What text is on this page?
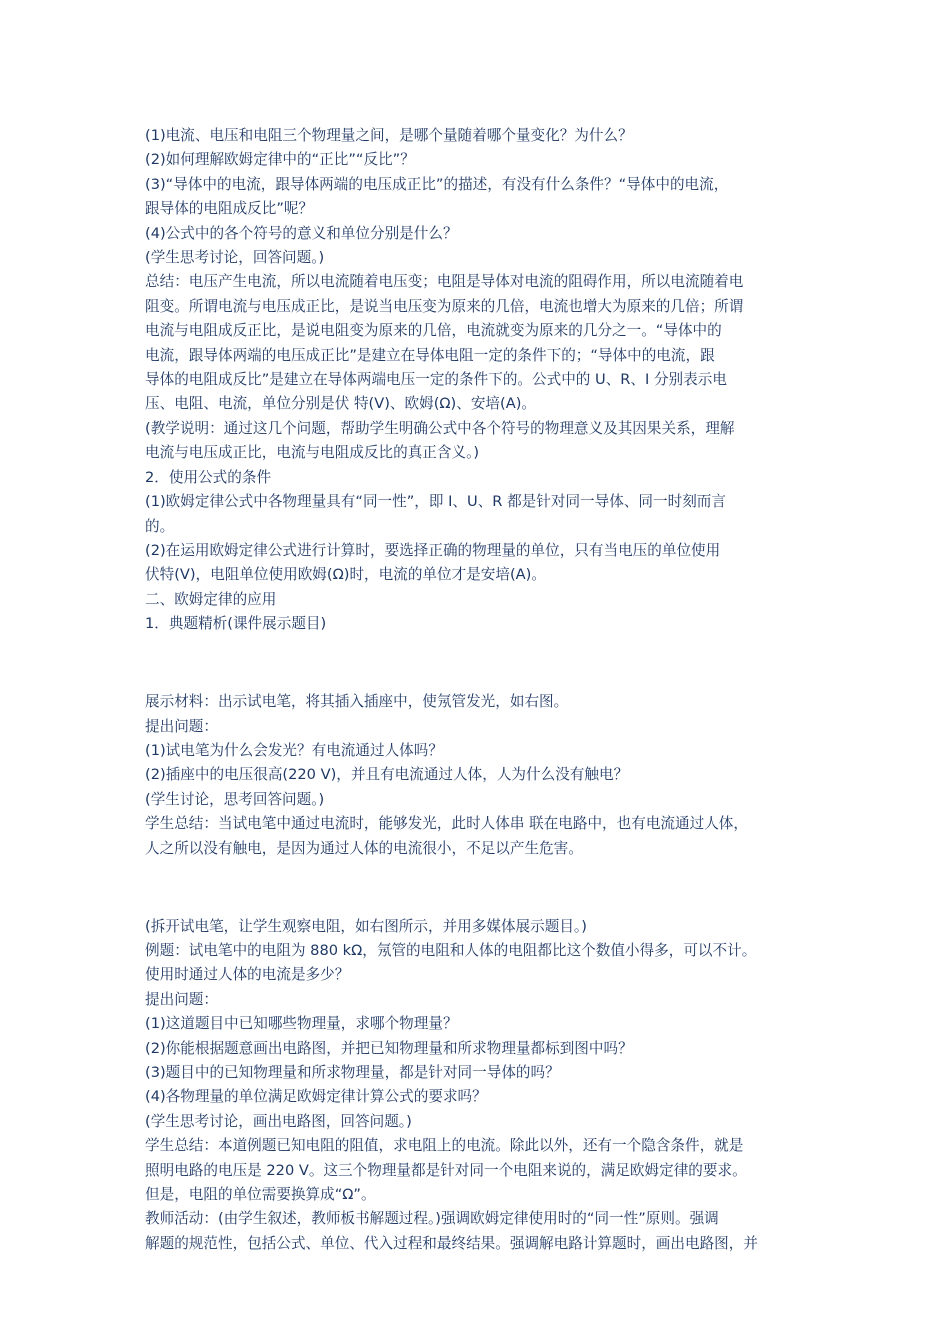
(1)电流、电压和电阻三个物理量之间，是哪个量随着哪个量变化？为什么？

(2)如何理解欧姆定律中的“正比”“反比”？

(3)“导体中的电流，跟导体两端的电压成正比”的描述，有没有什么条件？“导体中的电流，

跟导体的电阻成反比”呢？

(4)公式中的各个符号的意义和单位分别是什么？

(学生思考讨论，回答问题。)

总结：电压产生电流，所以电流随着电压变；电阻是导体对电流的阻碍作用，所以电流随着电

阻变。所谓电流与电压成正比，是说当电压变为原来的几倍，电流也增大为原来的几倍；所谓

电流与电阻成反正比，是说电阻变为原来的几倍，电流就变为原来的几分之一。“导体中的

电流，跟导体两端的电压成正比”是建立在导体电阻一定的条件下的；“导体中的电流，跟

导体的电阻成反比”是建立在导体两端电压一定的条件下的。公式中的 U、R、I 分别表示电

压、电阻、电流，单位分别是伏 特(V)、欧姆(Ω)、安培(A)。

(教学说明：通过这几个问题，帮助学生明确公式中各个符号的物理意义及其因果关系，理解

电流与电压成正比，电流与电阻成反比的真正含义。)

2．使用公式的条件

(1)欧姆定律公式中各物理量具有“同一性”，即 I、U、R 都是针对同一导体、同一时刻而言

的。

(2)在运用欧姆定律公式进行计算时，要选择正确的物理量的单位，只有当电压的单位使用

伏特(V)，电阻单位使用欧姆(Ω)时，电流的单位才是安培(A)。

二、欧姆定律的应用

1．典题精析(课件展示题目)

展示材料：出示试电笔，将其插入插座中，使氖管发光，如右图。

提出问题：

(1)试电笔为什么会发光？有电流通过人体吗？

(2)插座中的电压很高(220 V)，并且有电流通过人体，人为什么没有触电？

(学生讨论，思考回答问题。)

学生总结：当试电笔中通过电流时，能够发光，此时人体串 联在电路中，也有电流通过人体，

人之所以没有触电，是因为通过人体的电流很小，不足以产生危害。

(拆开试电笔，让学生观察电阻，如右图所示，并用多媒体展示题目。)

例题：试电笔中的电阻为 880 kΩ，氖管的电阻和人体的电阻都比这个数值小得多，可以不计。

使用时通过人体的电流是多少？

提出问题：

(1)这道题目中已知哪些物理量，求哪个物理量？

(2)你能根据题意画出电路图，并把已知物理量和所求物理量都标到图中吗？

(3)题目中的已知物理量和所求物理量，都是针对同一导体的吗？

(4)各物理量的单位满足欧姆定律计算公式的要求吗？

(学生思考讨论，画出电路图，回答问题。)

学生总结：本道例题已知电阻的阻值，求电阻上的电流。除此以外，还有一个隐含条件，就是

照明电路的电压是 220 V。这三个物理量都是针对同一个电阻来说的，满足欧姆定律的要求。

但是，电阻的单位需要换算成“Ω”。

教师活动：(由学生叙述，教师板书解题过程。)强调欧姆定律使用时的“同一性”原则。强调

解题的规范性，包括公式、单位、代入过程和最终结果。强调解电路计算题时，画出电路图，并
